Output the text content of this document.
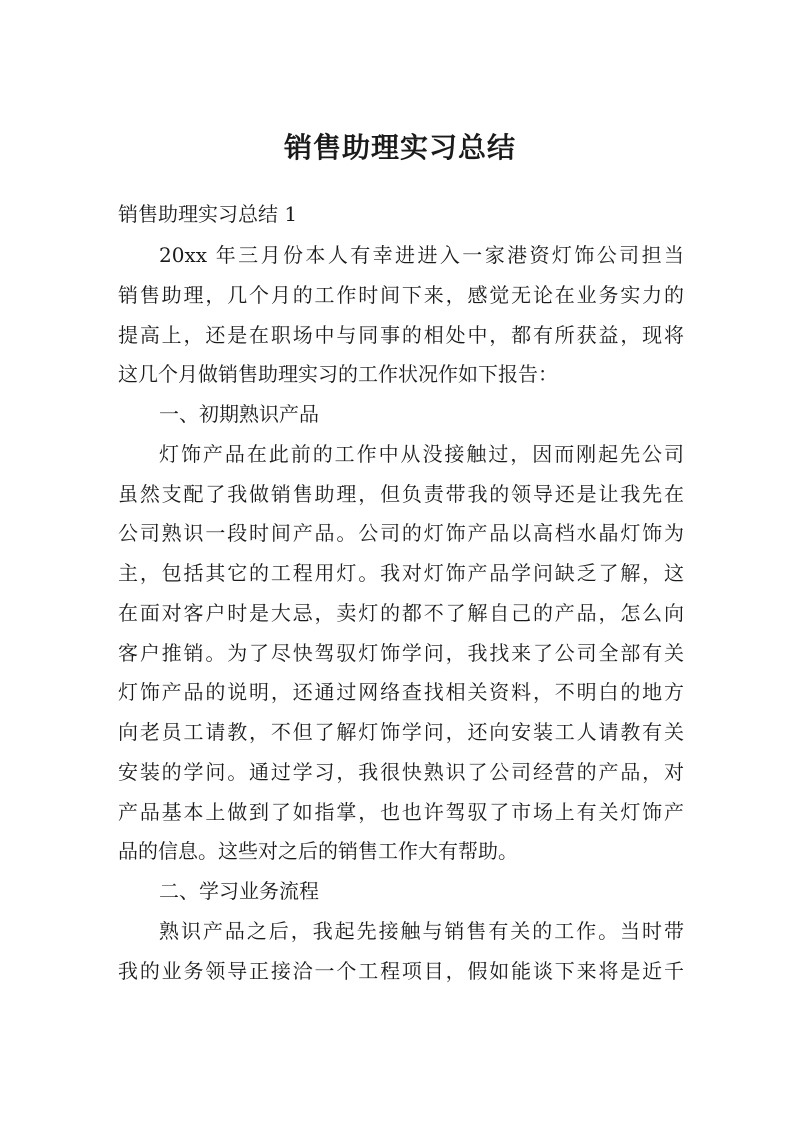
销售助理实习总结

销售助理实习总结 1

20xx 年三月份本人有幸进进入一家港资灯饰公司担当
销售助理，几个月的工作时间下来，感觉无论在业务实力的
提高上，还是在职场中与同事的相处中，都有所获益，现将
这几个月做销售助理实习的工作状况作如下报告：
一、初期熟识产品
灯饰产品在此前的工作中从没接触过，因而刚起先公司
虽然支配了我做销售助理，但负责带我的领导还是让我先在
公司熟识一段时间产品。公司的灯饰产品以高档水晶灯饰为
主，包括其它的工程用灯。我对灯饰产品学问缺乏了解，这
在面对客户时是大忌，卖灯的都不了解自己的产品，怎么向
客户推销。为了尽快驾驭灯饰学问，我找来了公司全部有关
灯饰产品的说明，还通过网络查找相关资料，不明白的地方
向老员工请教，不但了解灯饰学问，还向安装工人请教有关
安装的学问。通过学习，我很快熟识了公司经营的产品，对
产品基本上做到了如指掌，也也许驾驭了市场上有关灯饰产
品的信息。这些对之后的销售工作大有帮助。
二、学习业务流程
熟识产品之后，我起先接触与销售有关的工作。当时带
我的业务领导正接洽一个工程项目，假如能谈下来将是近千
